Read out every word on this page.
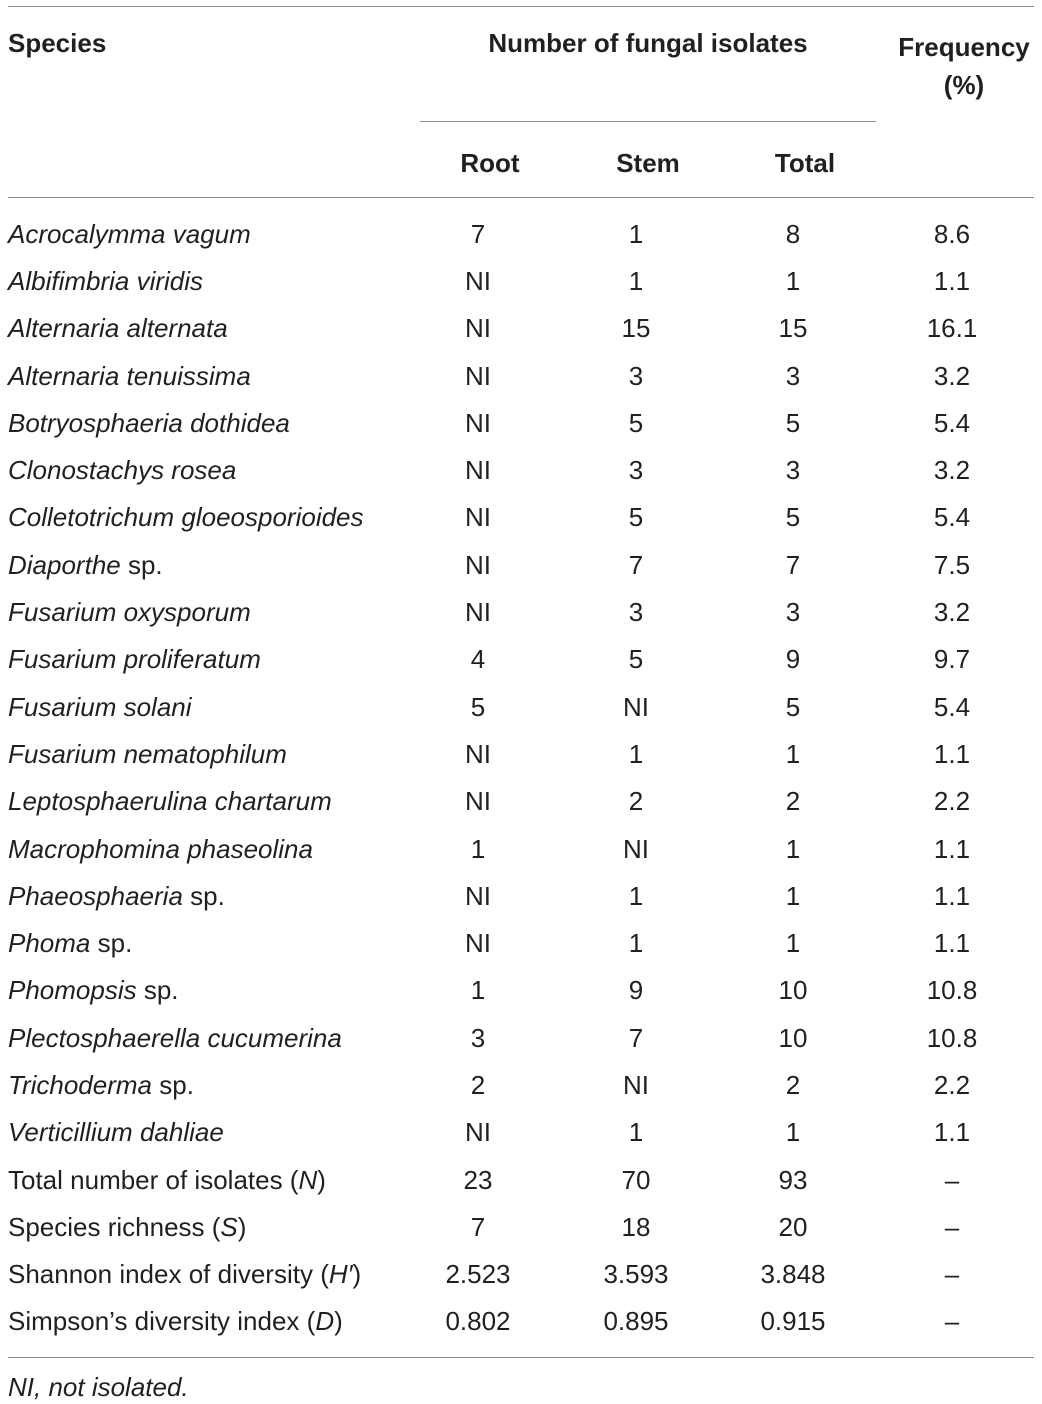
Species	Number of fungal isolates	Frequency
(%)
Root	Stem	Total
Acrocalymma vagum	7	1	8	8.6
Albifimbria viridis	NI	1	1	1.1
Alternaria alternata	NI	15	15	16.1
Alternaria tenuissima	NI	3	3	3.2
Botryosphaeria dothidea	NI	5	5	5.4
Clonostachys rosea	NI	3	3	3.2
Colletotrichum gloeosporioides	NI	5	5	5.4
Diaporthe sp.	NI	7	7	7.5
Fusarium oxysporum	NI	3	3	3.2
Fusarium proliferatum	4	5	9	9.7
Fusarium solani	5	NI	5	5.4
Fusarium nematophilum	NI	1	1	1.1
Leptosphaerulina chartarum	NI	2	2	2.2
Macrophomina phaseolina	1	NI	1	1.1
Phaeosphaeria sp.	NI	1	1	1.1
Phoma sp.	NI	1	1	1.1
Phomopsis sp.	1	9	10	10.8
Plectosphaerella cucumerina	3	7	10	10.8
Trichoderma sp.	2	NI	2	2.2
Verticillium dahliae	NI	1	1	1.1
Total number of isolates (N)	23	70	93	–
Species richness (S)	7	18	20	–
Shannon index of diversity (H′)	2.523	3.593	3.848	–
Simpson’s diversity index (D)	0.802	0.895	0.915	–
NI, not isolated.
